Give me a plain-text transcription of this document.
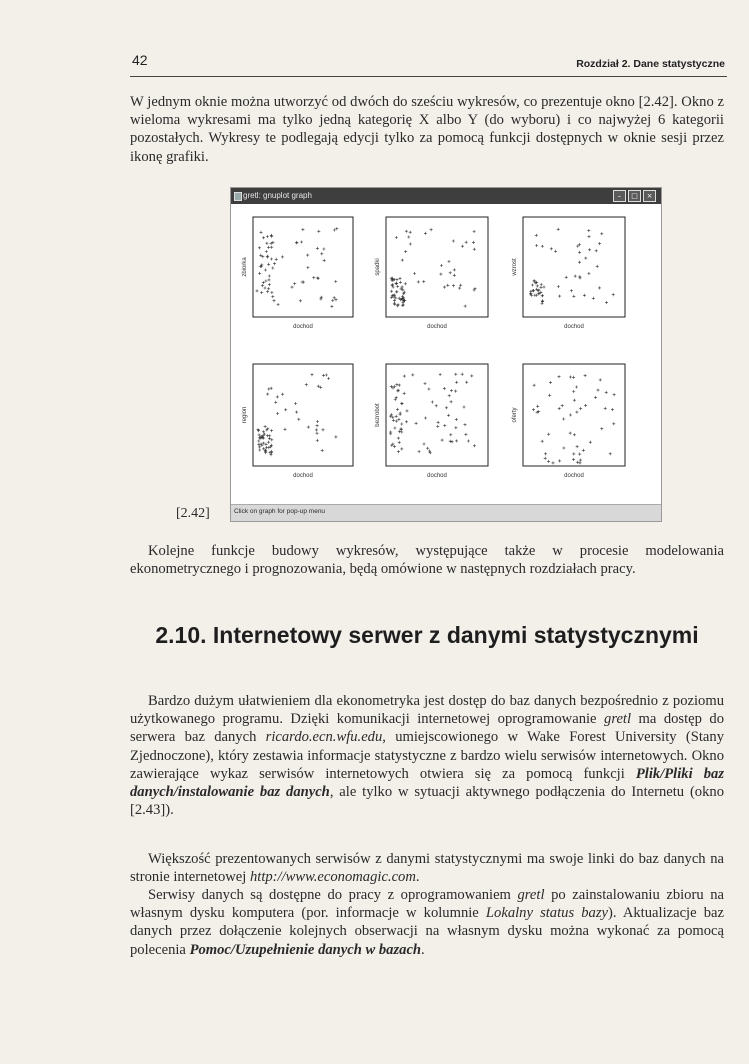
42	Rozdział 2. Dane statystyczne

W jednym oknie można utworzyć od dwóch do sześciu wykresów, co prezentuje okno [2.42]. Okno z wieloma wykresami ma tylko jedną kategorię X albo Y (do wyboru) i co najwyżej 6 kategorii pozostałych. Wykresy te podlegają edycji tylko za pomocą funkcji dostępnych w oknie sesji przez ikonę grafiki.

[2.42]
gretl: gnuplot graph	–	□	×
dochod
zbiorka
dochod
spadki
dochod
wzrost
dochod
region
dochod
bezrobot
dochod
oferty
Click on graph for pop-up menu

Kolejne funkcje budowy wykresów, występujące także w procesie modelowania ekonometrycznego i prognozowania, będą omówione w następnych rozdziałach pracy.

2.10. Internetowy serwer z danymi statystycznymi

Bardzo dużym ułatwieniem dla ekonometryka jest dostęp do baz danych bezpośrednio z poziomu użytkowanego programu. Dzięki komunikacji internetowej oprogramowanie gretl ma dostęp do serwera baz danych ricardo.ecn.wfu.edu, umiejscowionego w Wake Forest University (Stany Zjednoczone), który zestawia informacje statystyczne z bardzo wielu serwisów internetowych. Okno zawierające wykaz serwisów internetowych otwiera się za pomocą funkcji Plik/Pliki baz danych/instalowanie baz danych, ale tylko w sytuacji aktywnego podłączenia do Internetu (okno [2.43]).

Większość prezentowanych serwisów z danymi statystycznymi ma swoje linki do baz danych na stronie internetowej http://www.economagic.com.

Serwisy danych są dostępne do pracy z oprogramowaniem gretl po zainstalowaniu zbioru na własnym dysku komputera (por. informacje w kolumnie Lokalny status bazy). Aktualizacje baz danych przez dołączenie kolejnych obserwacji na własnym dysku można wykonać za pomocą polecenia Pomoc/Uzupełnienie danych w bazach.
